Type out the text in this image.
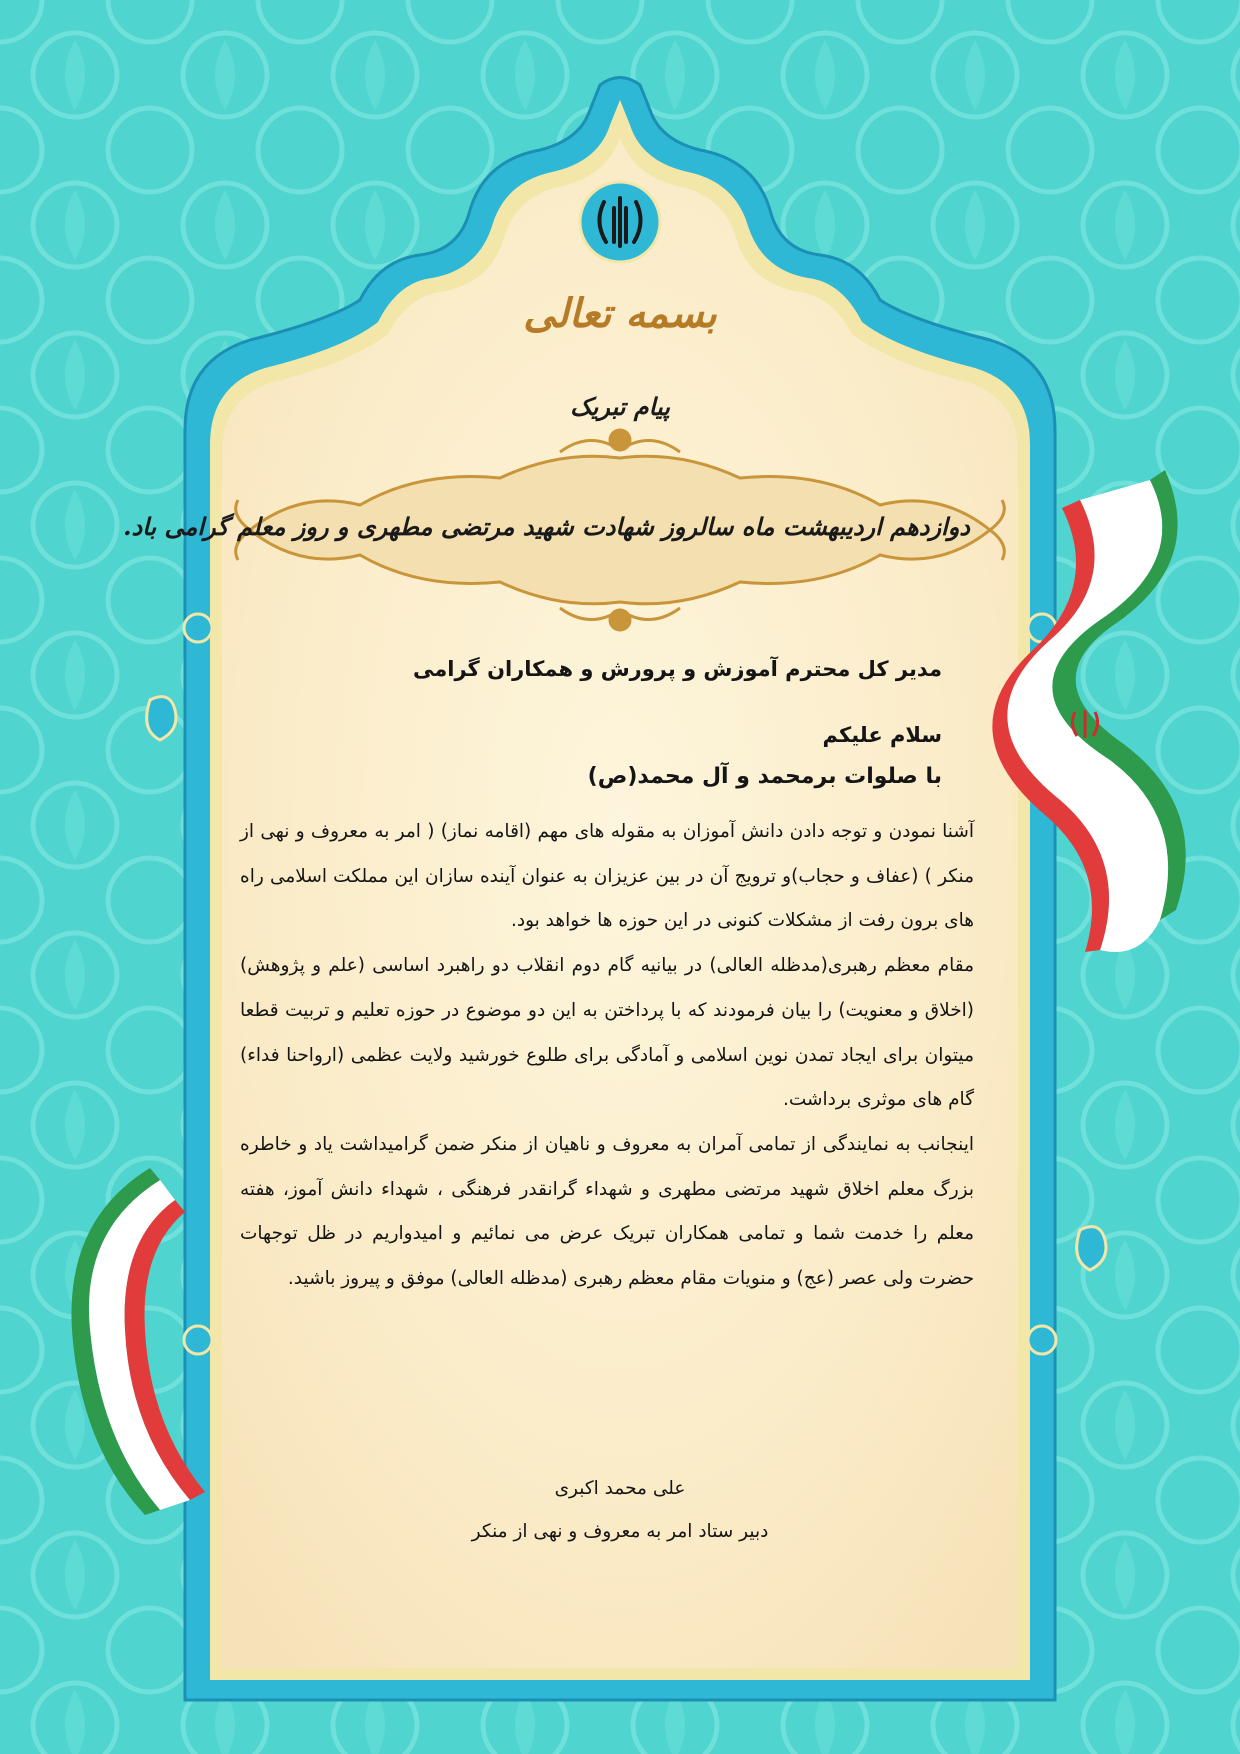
بسمه تعالی
پیام تبریک
دوازدهم اردیبهشت ماه سالروز شهادت شهید مرتضی مطهری و روز معلم گرامی باد.
مدیر کل محترم آموزش و پرورش و همکاران گرامی
سلام علیکم
با صلوات برمحمد و آل محمد(ص)

آشنا نمودن و توجه دادن دانش آموزان به مقوله های مهم (اقامه نماز) ( امر به معروف و نهی از منکر ) (عفاف و حجاب)و ترویج آن در بین عزیزان به عنوان آینده سازان این مملکت اسلامی راه های برون رفت از مشکلات کنونی در این حوزه ها خواهد بود.

مقام معظم رهبری(مدظله العالی) در بیانیه گام دوم انقلاب دو راهبرد اساسی (علم و پژوهش) (اخلاق و معنویت) را بیان فرمودند که با پرداختن به این دو موضوع در حوزه تعلیم و تربیت قطعا میتوان برای ایجاد تمدن نوین اسلامی و آمادگی برای طلوع خورشید ولایت عظمی (ارواحنا فداء) گام های موثری برداشت.

اینجانب به نمایندگی از تمامی آمران به معروف و ناهیان از منکر ضمن گرامیداشت یاد و خاطره بزرگ معلم اخلاق شهید مرتضی مطهری و شهداء گرانقدر فرهنگی ، شهداء دانش آموز، هفته معلم را خدمت شما و تمامی همکاران تبریک عرض می نمائیم و امیدواریم در ظل توجهات حضرت ولی عصر (عج) و منویات مقام معظم رهبری (مدظله العالی) موفق و پیروز باشید.

علی محمد اکبری
دبیر ستاد امر به معروف و نهی از منکر
